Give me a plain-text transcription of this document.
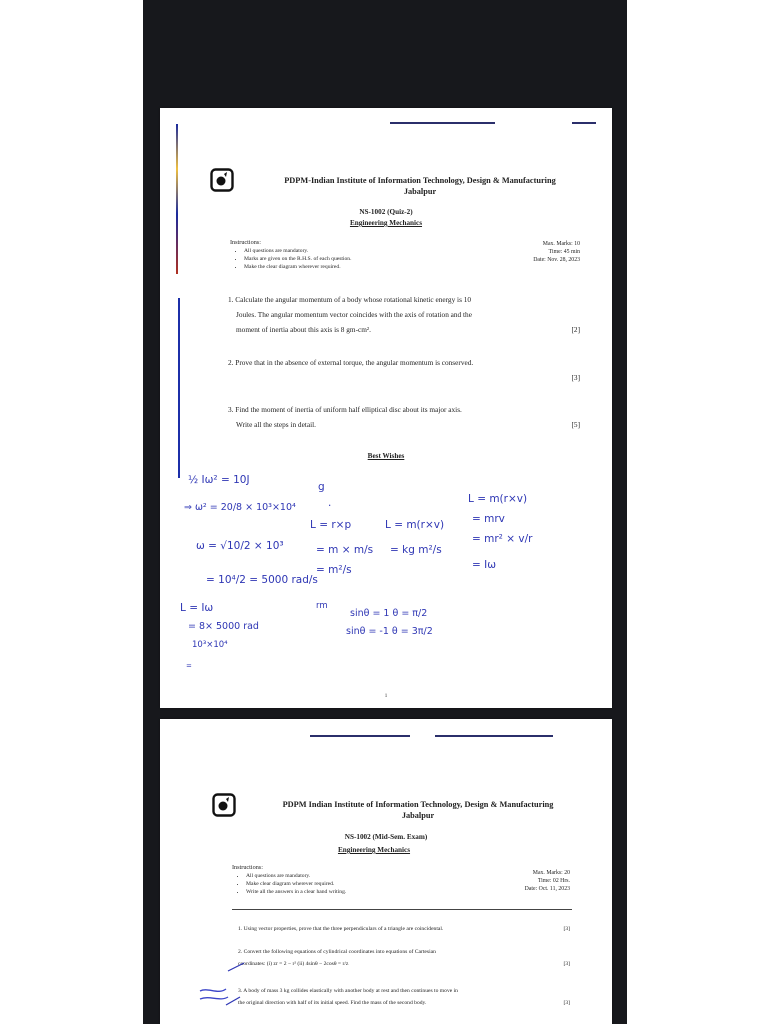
PDPM-Indian Institute of Information Technology, Design & Manufacturing
Jabalpur
NS-1002 (Quiz-2)
Engineering Mechanics
Instructions:
• All questions are mandatory.
• Marks are given on the R.H.S. of each question.
• Make the clear diagram wherever required.
Max. Marks: 10
Time: 45 min
Date: Nov. 28, 2023
1. Calculate the angular momentum of a body whose rotational kinetic energy is 10
Joules. The angular momentum vector coincides with the axis of rotation and the
moment of inertia about this axis is 8 gm-cm².	[2]
2. Prove that in the absence of external torque, the angular momentum is conserved.

[3]
3. Find the moment of inertia of uniform half elliptical disc about its major axis.
Write all the steps in detail.	[5]
Best Wishes
½ Iω² = 10J
⇒ ω² = 20/8 × 10³×10⁴
ω = √10/2 × 10³
= 10⁴/2 = 5000 rad/s
L = Iω
= 8× 5000 rad
10³×10⁴
=
g
.
L = r×p
= m × m/s
= m²/s
rm
L = m(r×v)
= kg m²/s
sinθ = 1 θ = π/2
sinθ = -1 θ = 3π/2
L = m(r×v)
= mrv
= mr² × v/r
= Iω
1
PDPM Indian Institute of Information Technology, Design & Manufacturing
Jabalpur
NS-1002 (Mid-Sem. Exam)
Engineering Mechanics
Instructions:
• All questions are mandatory.
• Make clear diagram wherever required.
• Write all the answers in a clear hand writing.
Max. Marks: 20
Time: 02 Hrs.
Date: Oct. 11, 2023
1. Using vector properties, prove that the three perpendiculars of a triangle are coincidental.	[3]
2. Convert the following equations of cylindrical coordinates into equations of Cartesian
coordinates: (i) zr = 2 − r² (ii) 4sinθ − 2cosθ = r/z	[3]
3. A body of mass 3 kg collides elastically with another body at rest and then continues to move in
the original direction with half of its initial speed. Find the mass of the second body.	[3]
